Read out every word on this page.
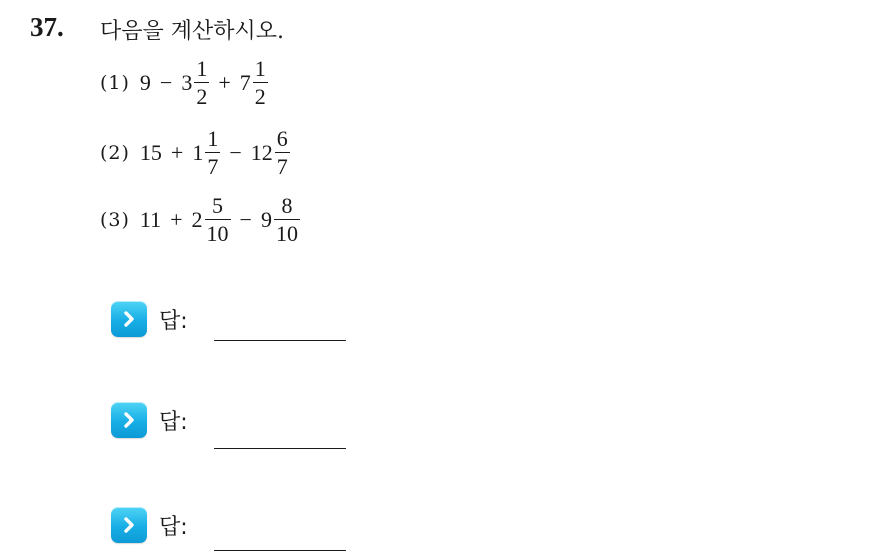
37. 다음을 계산하시오.
(1) $9 - 3 \frac{1}{2} + 7 \frac{1}{2}$
(2) $15 + 1 \frac{1}{7} - 12 \frac{6}{7}$
(3) $11 + 2 \frac{5}{10} - 9 \frac{8}{10}$
답:
답:
답:
